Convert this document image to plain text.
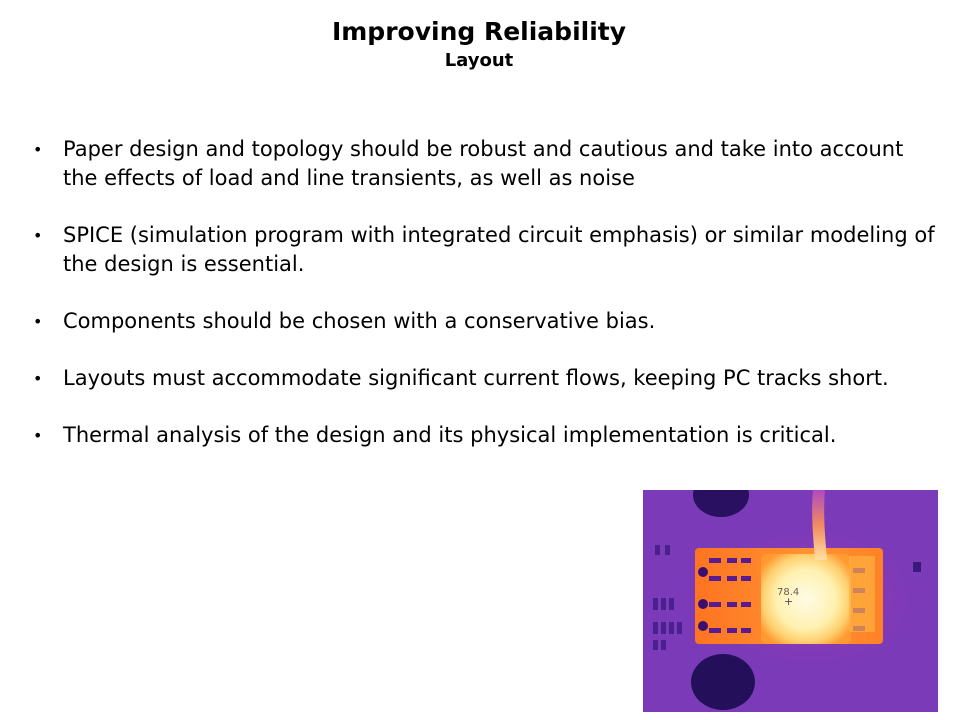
Improving Reliability
Layout
• Paper design and topology should be robust and cautious and take into account the effects of load and line transients, as well as noise
• SPICE (simulation program with integrated circuit emphasis) or similar modeling of the design is essential.
• Components should be chosen with a conservative bias.
• Layouts must accommodate significant current flows, keeping PC tracks short.
• Thermal analysis of the design and its physical implementation is critical.
78.4
+
